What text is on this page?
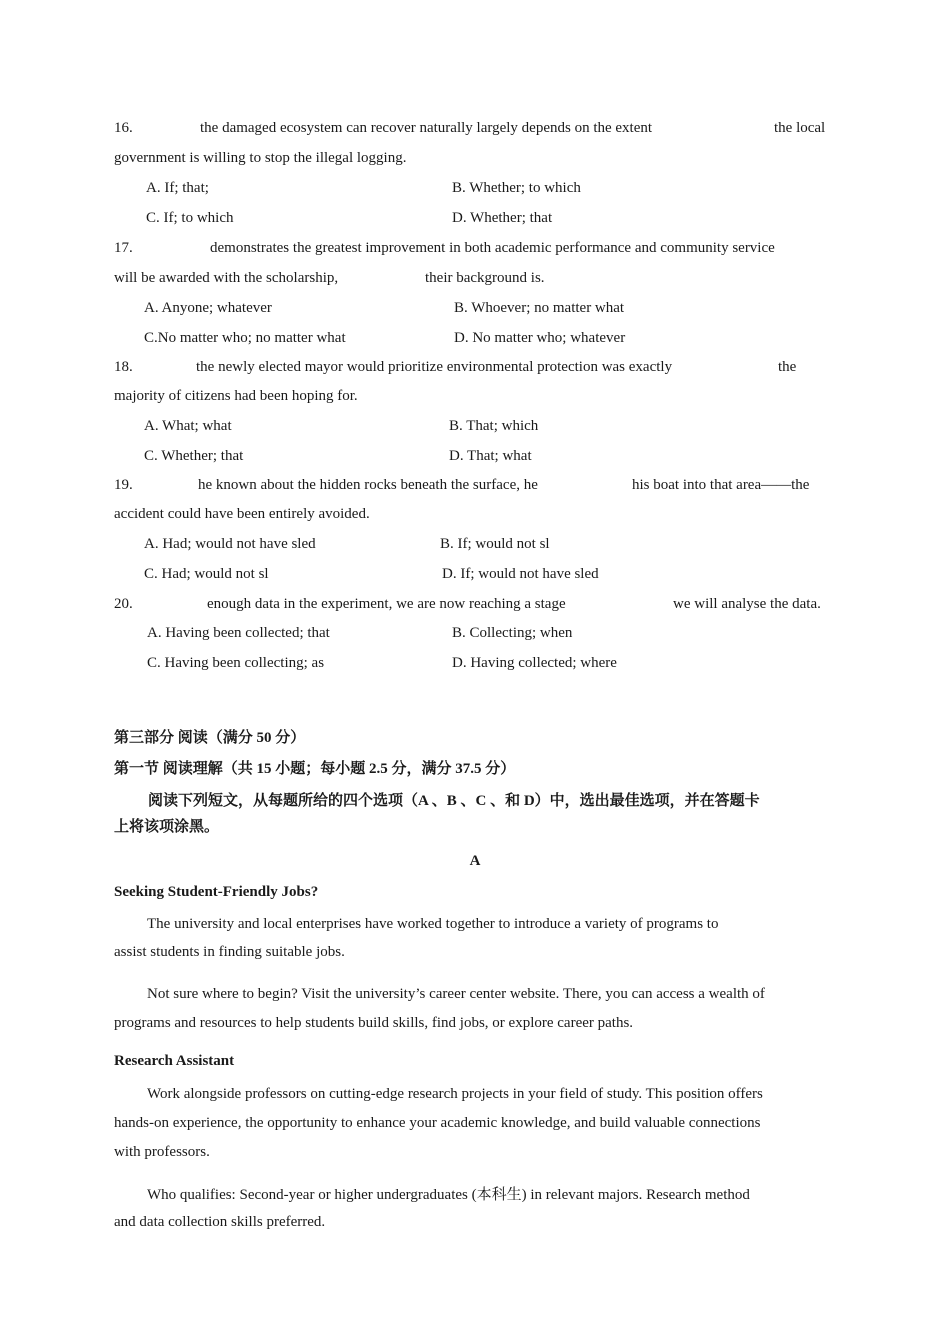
16.	the damaged ecosystem can recover naturally largely depends on the extent	the local
government is willing to stop the illegal logging.
A. If; that;	B. Whether; to which
C. If; to which	D. Whether; that
17.	demonstrates the greatest improvement in both academic performance and community service
will be awarded with the scholarship,	their background is.
A. Anyone; whatever	B. Whoever; no matter what
C.No matter who; no matter what	D. No matter who; whatever
18.	the newly elected mayor would prioritize environmental protection was exactly	the
majority of citizens had been hoping for.
A. What; what	B. That; which
C. Whether; that	D. That; what
19.	he known about the hidden rocks beneath the surface, he	his boat into that area——the
accident could have been entirely avoided.
A. Had; would not have sled	B. If; would not sl
C. Had; would not sl	D. If; would not have sled
20.	enough data in the experiment, we are now reaching a stage	we will analyse the data.
A. Having been collected; that	B. Collecting; when
C. Having been collecting; as	D. Having collected; where
第三部分 阅读（满分 50 分）
第一节 阅读理解（共 15 小题；每小题 2.5 分，满分 37.5 分）
阅读下列短文，从每题所给的四个选项（A 、B 、C 、和 D）中，选出最佳选项，并在答题卡
上将该项涂黑。
A
Seeking Student-Friendly Jobs?
The university and local enterprises have worked together to introduce a variety of programs to
assist students in finding suitable jobs.
Not sure where to begin? Visit the university’s career center website. There, you can access a wealth of
programs and resources to help students build skills, find jobs, or explore career paths.
Research Assistant
Work alongside professors on cutting-edge research projects in your field of study. This position offers
hands-on experience, the opportunity to enhance your academic knowledge, and build valuable connections
with professors.
Who qualifies: Second-year or higher undergraduates (本科生) in relevant majors. Research method
and data collection skills preferred.
